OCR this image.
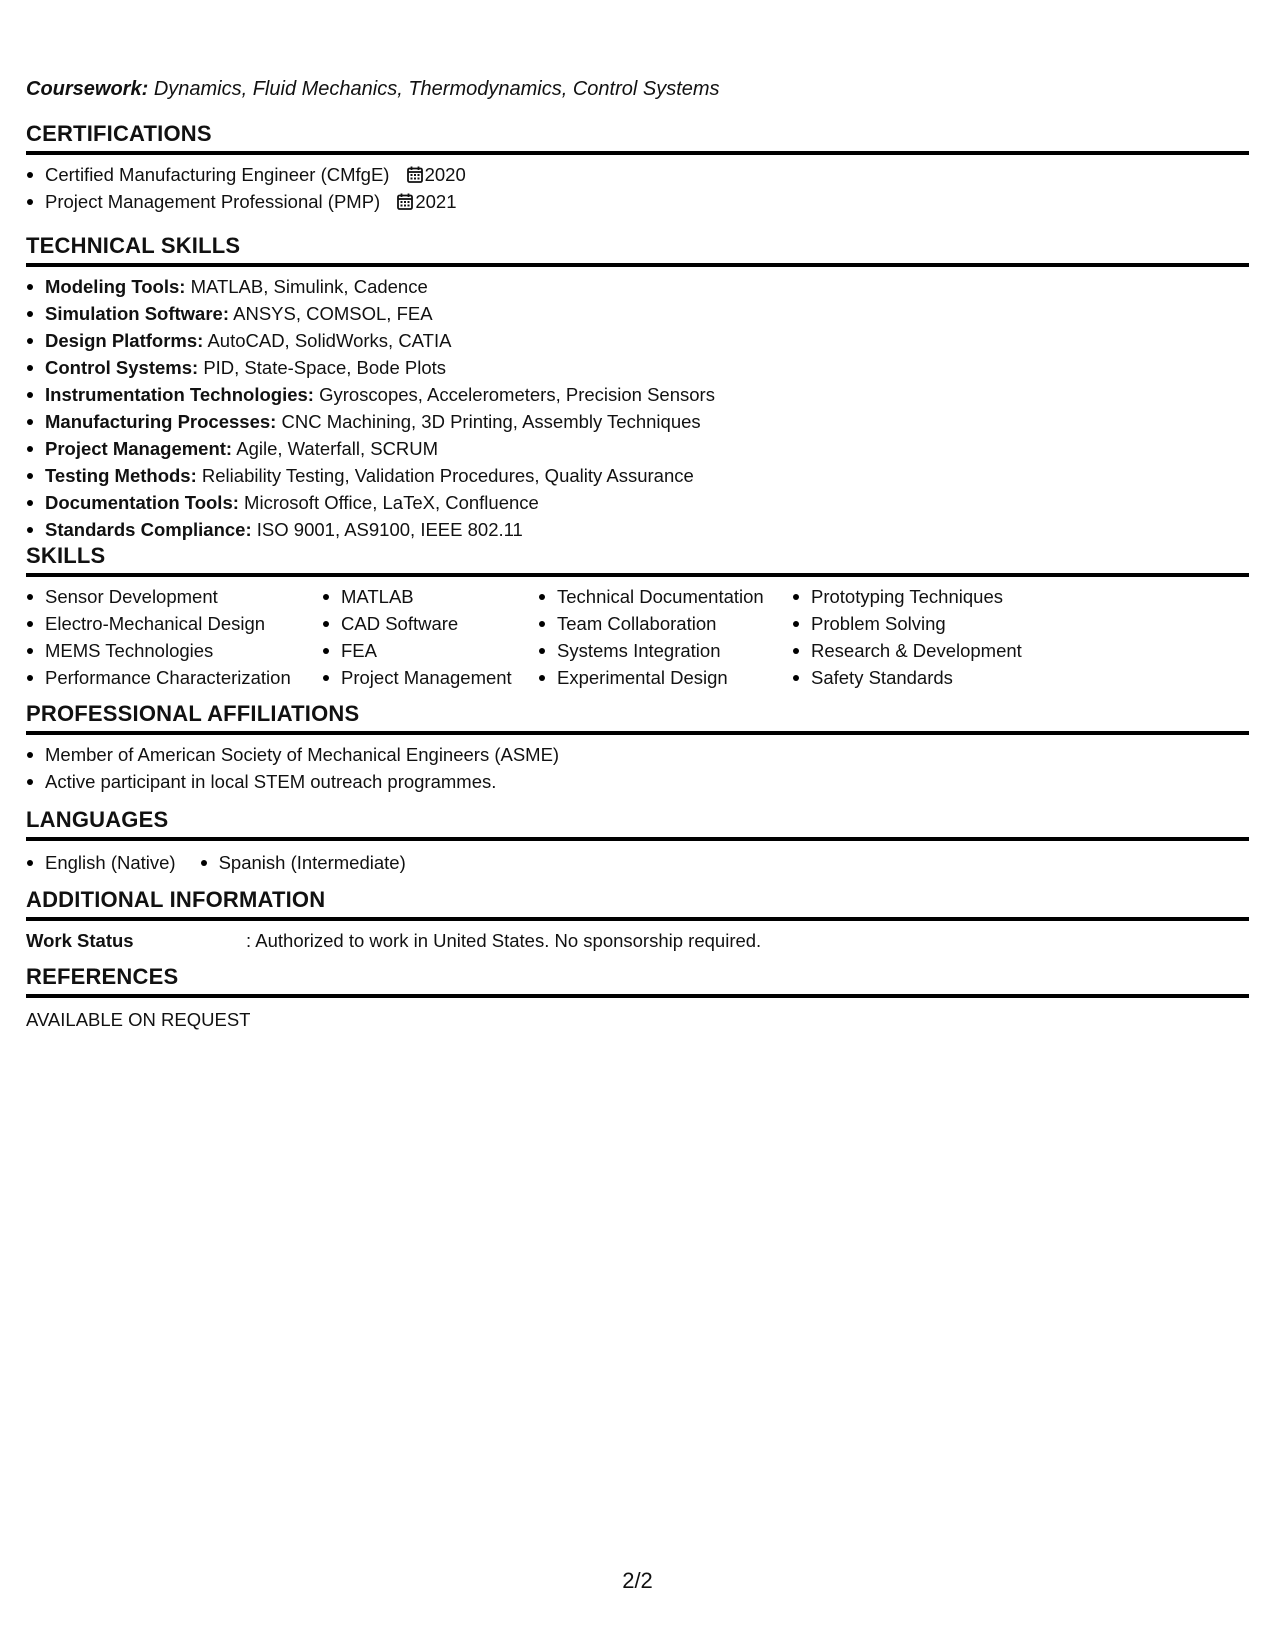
Coursework: Dynamics, Fluid Mechanics, Thermodynamics, Control Systems
CERTIFICATIONS
Certified Manufacturing Engineer (CMfgE) 2020
Project Management Professional (PMP) 2021
TECHNICAL SKILLS
Modeling Tools: MATLAB, Simulink, Cadence
Simulation Software: ANSYS, COMSOL, FEA
Design Platforms: AutoCAD, SolidWorks, CATIA
Control Systems: PID, State-Space, Bode Plots
Instrumentation Technologies: Gyroscopes, Accelerometers, Precision Sensors
Manufacturing Processes: CNC Machining, 3D Printing, Assembly Techniques
Project Management: Agile, Waterfall, SCRUM
Testing Methods: Reliability Testing, Validation Procedures, Quality Assurance
Documentation Tools: Microsoft Office, LaTeX, Confluence
Standards Compliance: ISO 9001, AS9100, IEEE 802.11
SKILLS
Sensor Development
Electro-Mechanical Design
MEMS Technologies
Performance Characterization
MATLAB
CAD Software
FEA
Project Management
Technical Documentation
Team Collaboration
Systems Integration
Experimental Design
Prototyping Techniques
Problem Solving
Research & Development
Safety Standards
PROFESSIONAL AFFILIATIONS
Member of American Society of Mechanical Engineers (ASME)
Active participant in local STEM outreach programmes.
LANGUAGES
English (Native)	Spanish (Intermediate)
ADDITIONAL INFORMATION
Work Status	: Authorized to work in United States. No sponsorship required.
REFERENCES
AVAILABLE ON REQUEST
2/2
